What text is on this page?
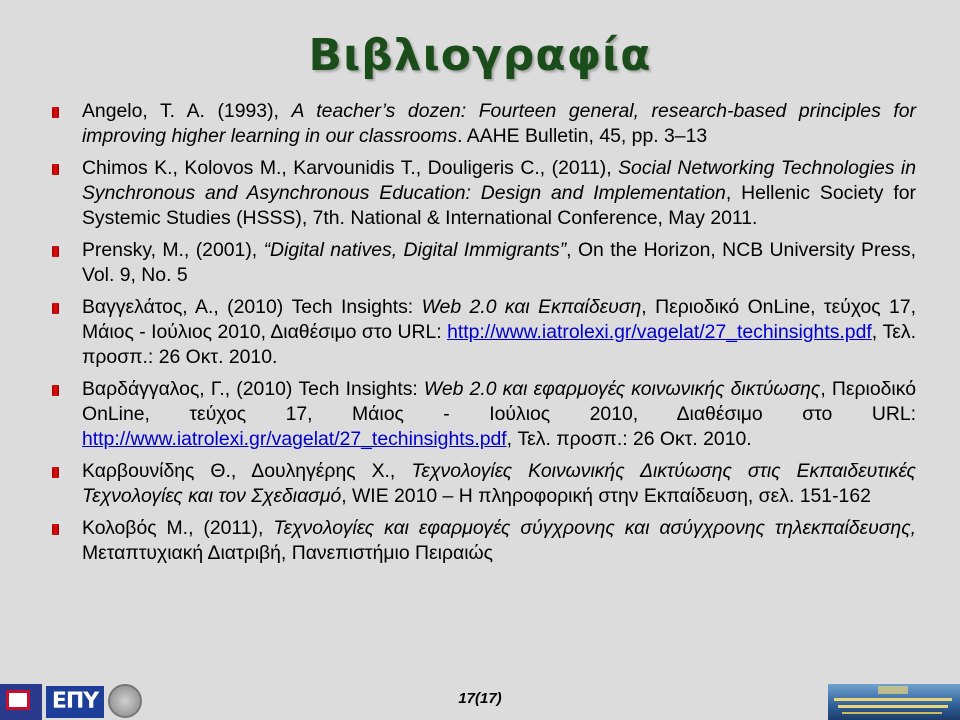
Βιβλιογραφία
Angelo, T. A. (1993), A teacher’s dozen: Fourteen general, research-based principles for improving higher learning in our classrooms. AAHE Bulletin, 45, pp. 3–13
Chimos K., Kolovos M., Karvounidis T., Douligeris C., (2011), Social Networking Technologies in Synchronous and Asynchronous Education: Design and Implementation, Hellenic Society for Systemic Studies (HSSS), 7th. National & International Conference, May 2011.
Prensky, M., (2001), “Digital natives, Digital Immigrants”, On the Horizon, NCB University Press, Vol. 9, No. 5
Βαγγελάτος, Α., (2010) Tech Insights: Web 2.0 και Εκπαίδευση, Περιοδικό OnLine, τεύχος 17, Μάιος - Ιούλιος 2010, Διαθέσιμο στο URL: http://www.iatrolexi.gr/vagelat/27_techinsights.pdf, Τελ. προσπ.: 26 Οκτ. 2010.
Βαρδάγγαλος, Γ., (2010) Tech Insights: Web 2.0 και εφαρμογές κοινωνικής δικτύωσης, Περιοδικό OnLine, τεύχος 17, Μάιος - Ιούλιος 2010, Διαθέσιμο στο URL: http://www.iatrolexi.gr/vagelat/27_techinsights.pdf, Τελ. προσπ.: 26 Οκτ. 2010.
Καρβουνίδης Θ., Δουληγέρης Χ., Τεχνολογίες Κοινωνικής Δικτύωσης στις Εκπαιδευτικές Τεχνολογίες και τον Σχεδιασμό, WIE 2010 – Η πληροφορική στην Εκπαίδευση, σελ. 151-162
Κολοβός Μ., (2011), Τεχνολογίες και εφαρμογές σύγχρονης και ασύγχρονης τηλεκπαίδευσης, Μεταπτυχιακή Διατριβή, Πανεπιστήμιο Πειραιώς
ΕΠΥ	17(17)
